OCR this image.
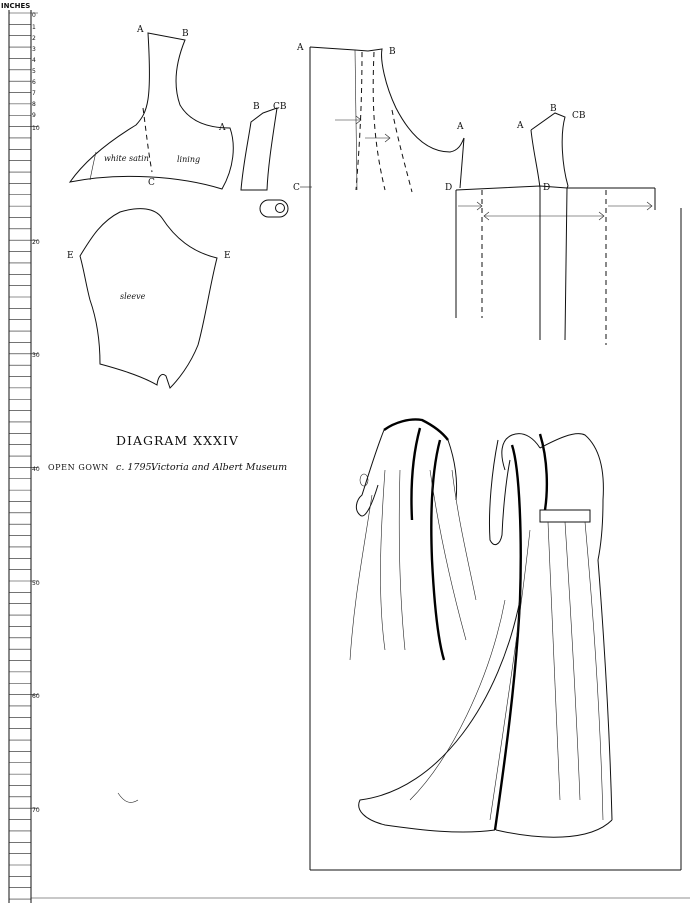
INCHES
0
1
2
3
4
5
6
7
8
9
10
20
30
40
50
60
70
A	B
C
A
white satin	lining
B CB
E	E
sleeve
DIAGRAM XXXIV
OPEN GOWN c. 1795.
Victoria and Albert Museum
A	B
C
A
D	D
A
B
CB
